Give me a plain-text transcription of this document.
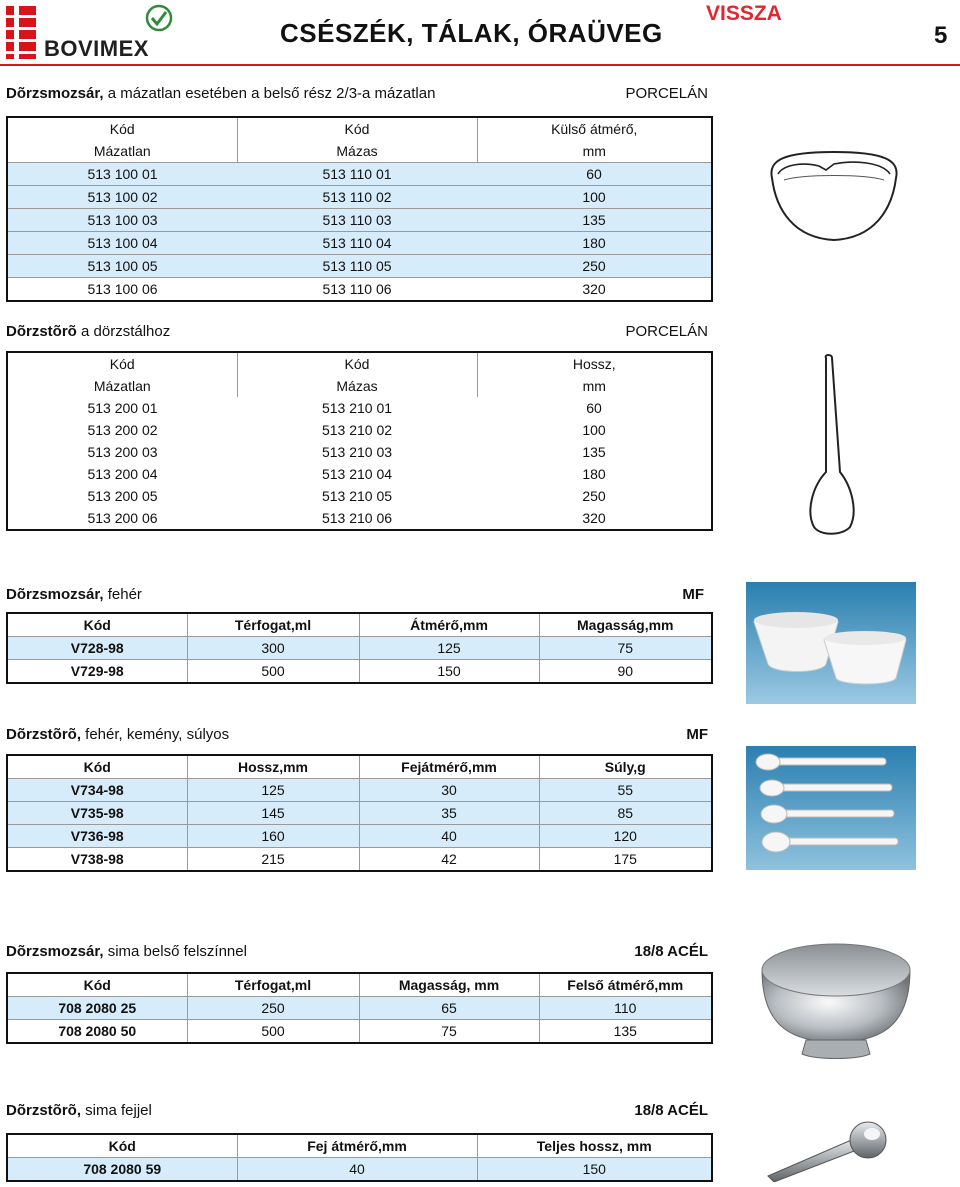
BOVIMEX
CSÉSZÉK, TÁLAK, ÓRAÜVEG
VISSZA
5
Dõrzsmozsár, a mázatlan esetében a belső rész 2/3-a mázatlan	PORCELÁN
Kód	Kód	Külső átmérő,
Mázatlan	Mázas	mm
513 100 01	513 110 01	60
513 100 02	513 110 02	100
513 100 03	513 110 03	135
513 100 04	513 110 04	180
513 100 05	513 110 05	250
513 100 06	513 110 06	320
Dõrzstõrõ a dörzstálhoz	PORCELÁN
Kód	Kód	Hossz,
Mázatlan	Mázas	mm
513 200 01	513 210 01	60
513 200 02	513 210 02	100
513 200 03	513 210 03	135
513 200 04	513 210 04	180
513 200 05	513 210 05	250
513 200 06	513 210 06	320
Dõrzsmozsár, fehér	MF
Kód	Térfogat,ml	Átmérő,mm	Magasság,mm
V728-98	300	125	75
V729-98	500	150	90
Dõrzstõrõ, fehér, kemény, súlyos	MF
Kód	Hossz,mm	Fejátmérő,mm	Súly,g
V734-98	125	30	55
V735-98	145	35	85
V736-98	160	40	120
V738-98	215	42	175
Dõrzsmozsár, sima belső felszínnel	18/8 ACÉL
Kód	Térfogat,ml	Magasság, mm	Felső átmérő,mm
708 2080 25	250	65	110
708 2080 50	500	75	135
Dõrzstõrõ, sima fejjel	18/8 ACÉL
Kód	Fej átmérő,mm	Teljes hossz, mm
708 2080 59	40	150
